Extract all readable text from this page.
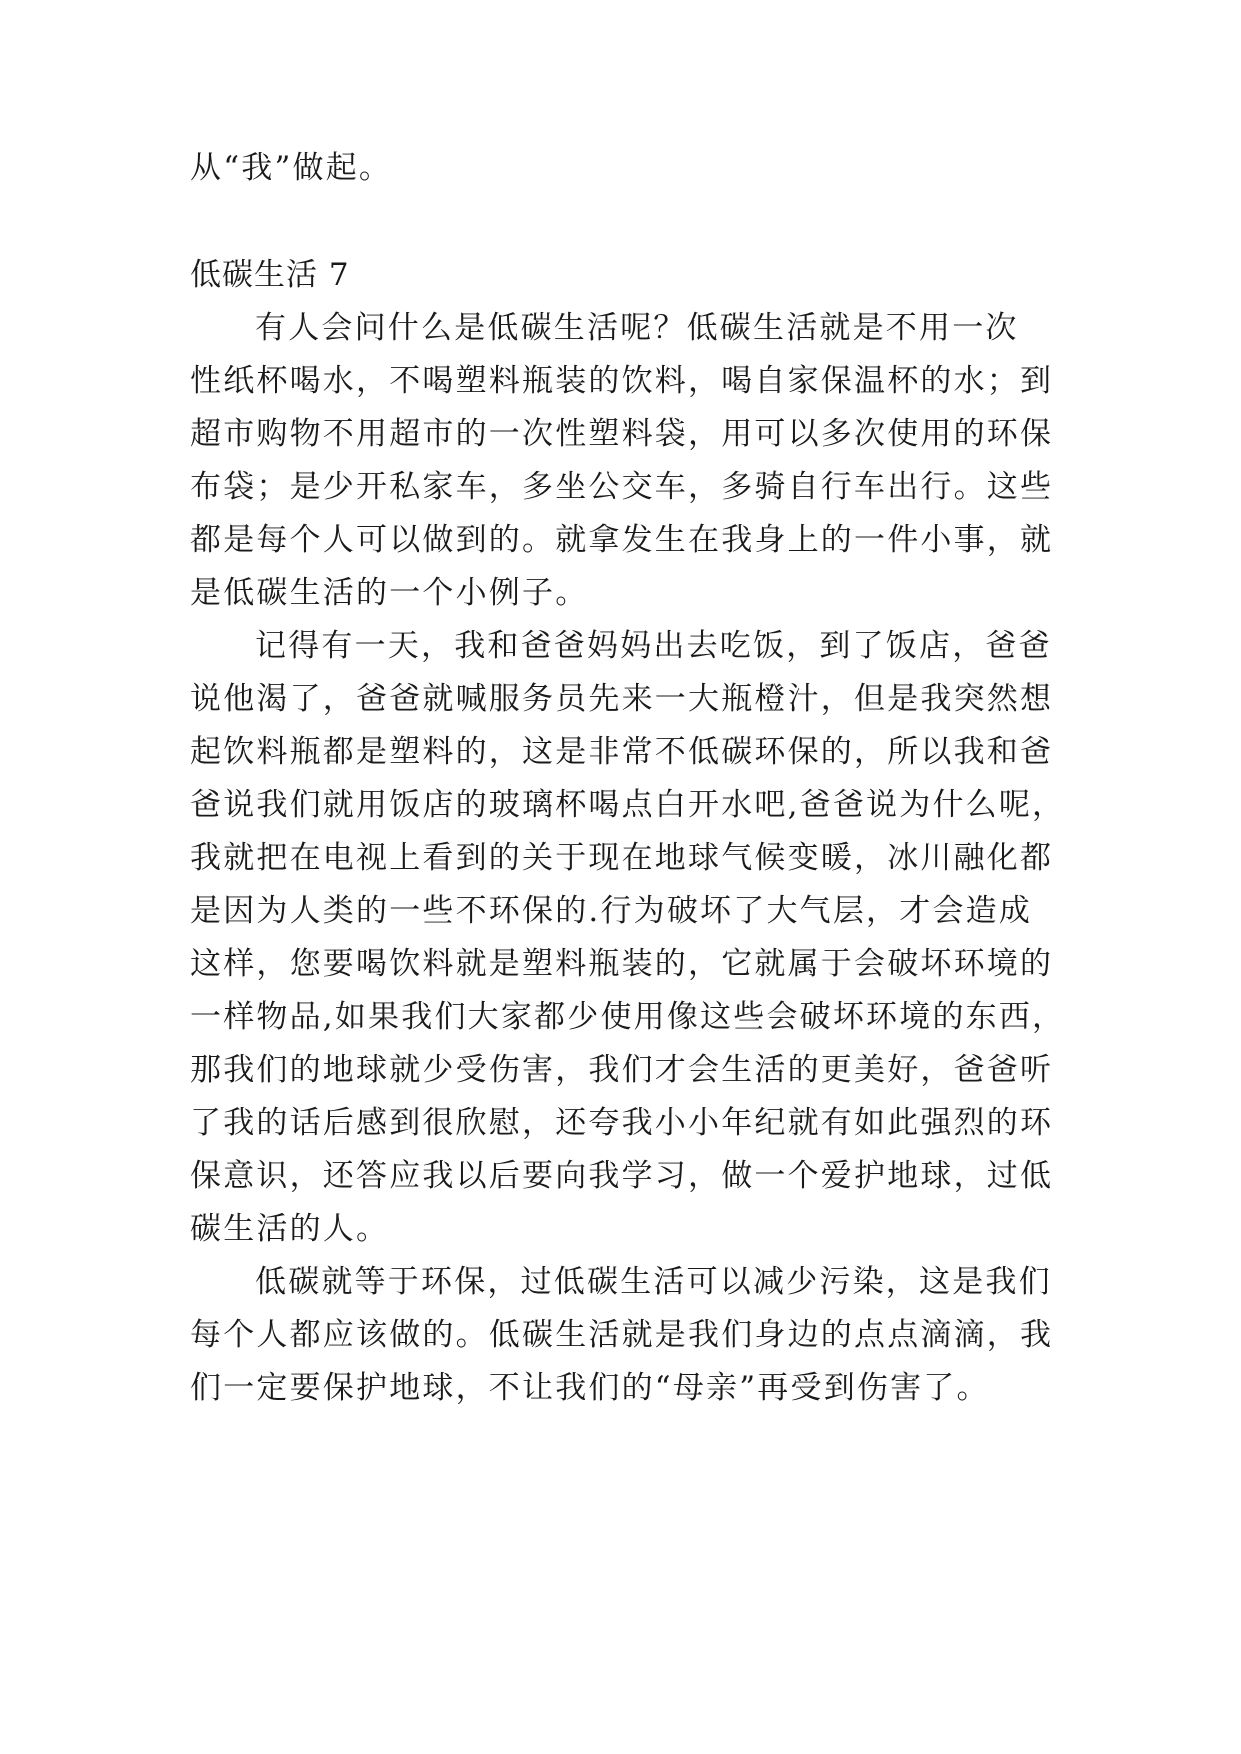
从“我”做起。
低碳生活 7
有人会问什么是低碳生活呢？低碳生活就是不用一次
性纸杯喝水，不喝塑料瓶装的饮料，喝自家保温杯的水；到
超市购物不用超市的一次性塑料袋，用可以多次使用的环保
布袋；是少开私家车，多坐公交车，多骑自行车出行。这些
都是每个人可以做到的。就拿发生在我身上的一件小事，就
是低碳生活的一个小例子。
记得有一天，我和爸爸妈妈出去吃饭，到了饭店，爸爸
说他渴了，爸爸就喊服务员先来一大瓶橙汁，但是我突然想
起饮料瓶都是塑料的，这是非常不低碳环保的，所以我和爸
爸说我们就用饭店的玻璃杯喝点白开水吧,爸爸说为什么呢，
我就把在电视上看到的关于现在地球气候变暖，冰川融化都
是因为人类的一些不环保的.行为破坏了大气层，才会造成
这样，您要喝饮料就是塑料瓶装的，它就属于会破坏环境的
一样物品,如果我们大家都少使用像这些会破坏环境的东西，
那我们的地球就少受伤害，我们才会生活的更美好，爸爸听
了我的话后感到很欣慰，还夸我小小年纪就有如此强烈的环
保意识，还答应我以后要向我学习，做一个爱护地球，过低
碳生活的人。
低碳就等于环保，过低碳生活可以减少污染，这是我们
每个人都应该做的。低碳生活就是我们身边的点点滴滴，我
们一定要保护地球，不让我们的“母亲”再受到伤害了。
